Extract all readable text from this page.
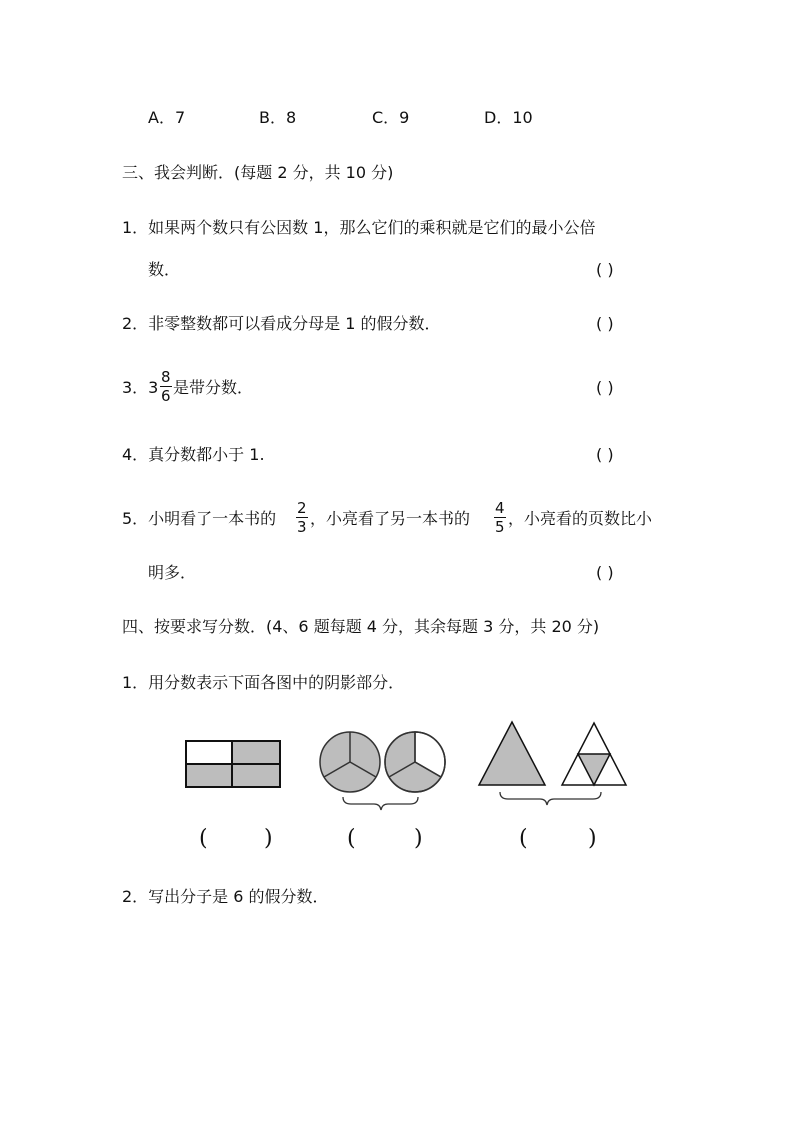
A．7	B．8	C．9	D．10
三、我会判断．(每题 2 分，共 10 分)
1．如果两个数只有公因数 1，那么它们的乘积就是它们的最小公倍
数．	( )
2．非零整数都可以看成分母是 1 的假分数．	( )
3．$3 \frac{8}{6}$ 是带分数．	( )
4．真分数都小于 1.	( )
5．小明看了一本书的 $\frac{2}{3}$ ，小亮看了另一本书的 $\frac{4}{5}$ ，小亮看的页数比小
明多．	( )
四、按要求写分数．(4、6 题每题 4 分，其余每题 3 分，共 20 分)
1．用分数表示下面各图中的阴影部分．
(	)	(	)	(	)
2．写出分子是 6 的假分数．
